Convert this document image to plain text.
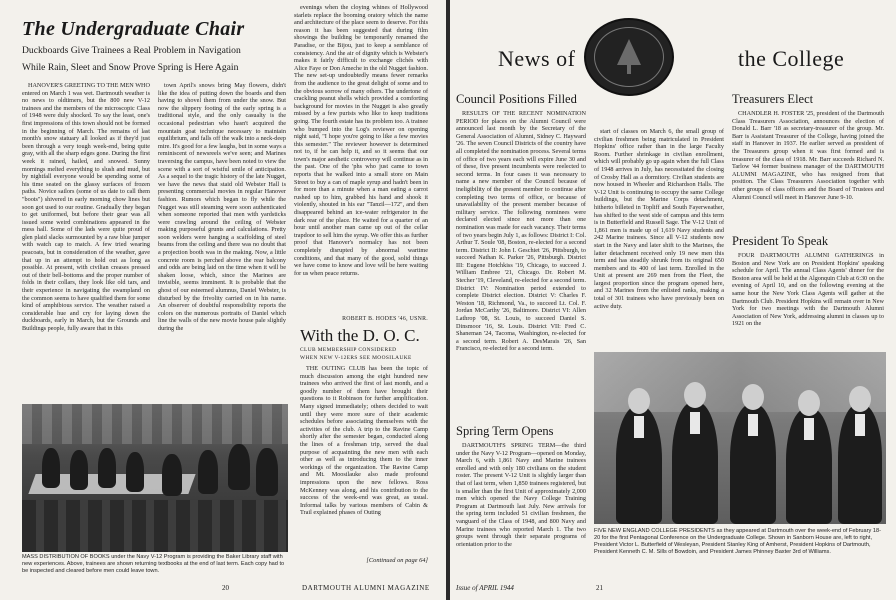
The Undergraduate Chair
Duckboards Give Trainees a Real Problem in Navigation
While Rain, Sleet and Snow Prove Spring is Here Again

HANOVER'S GREETING TO THE MEN WHO entered on March 1 was wet. Dartmouth weather is no news to oldtimers, but the 800 new V-12 trainees and the members of the microscopic Class of 1948 were duly shocked. To say the least, one's first impressions of this town should not be formed in the beginning of March. The remains of last month's snow statuary all looked as if they'd just been through a very tough week-end, being quite gray, with all the sharp edges gone. During the first week it rained, hailed, and snowed. Sunny mornings melted everything to slush and mud, but by nightfall everyone would be spending some of his time seated on the glassy surfaces of frozen paths. Novice sailors (some of us date to call them "boots") shivered in early morning chow lines but soon got used to our routine. Gradually they began to get uniformed, but before their gear was all issued some weird combinations appeared in the mess hall. Some of the lads were quite proud of glen plaid slacks surmounted by a raw blue jumper with watch cap to match. A few tried wearing peacoats, but in consideration of the weather, gave that up in an attempt to hold out as long as possible. At present, with civilian creases pressed out of their bell-bottoms and the proper number of folds in their collars, they look like old tars, and their experience in navigating the swampland on the common seems to have qualified them for some kind of amphibious service. The weather raised a considerable hue and cry for laying down the duckboards, early in March, but the Grounds and Buildings people, fully aware that in this

town April's snows bring May flowers, didn't like the idea of putting down the boards and then having to shovel them from under the snow. But now the slippery footing of the early spring is a traditional style, and the only casualty is the occasional pedestrian who hasn't acquired the mountain goat technique necessary to maintain equilibrium, and falls off the walk into a neck-deep mire. It's good for a few laughs, but in some ways a reminiscent of newsreels we've seen; and Marines traversing the campus, have been noted to view the scene with a sort of wistful smile of anticipation. As a sequel to the tragic history of the late Nugget, we have the news that staid old Webster Hall is presenting commercial movies in regular Hanover fashion. Rumors which began to fly while the Nugget was still steaming were soon authenticated when someone reported that men with yardsticks were crawling around the ceiling of Webster making purposeful grunts and calculations. Pretty soon welders were hanging a scaffolding of steel beams from the ceiling and there was no doubt that a projection booth was in the making. Now, a little concrete room is perched above the rear balcony and odds are being laid on the time when it will be shaken loose, which, since the Marines are invisible, seems imminent. It is probable that the ghost of our esteemed alumnus, Daniel Webster, is disturbed by the frivolity carried on in his name. An observer of doubtful responsibility reports the colors on the numerous portraits of Daniel which line the walls of the new movie house pale slightly during the

evenings when the cloying whines of Hollywood starlets replace the booming oratory which the name and architecture of the place seem to deserve. For this reason it has been suggested that during film showings the building be temporarily renamed the Paradise, or the Bijou, just to keep a semblance of consistency. And the air of dignity which is Webster's makes it fairly difficult to exchange clichés with Alice Faye or Don Ameche in the old Nugget fashion. The new set-up undoubtedly means fewer remarks from the audience to the great delight of some and to the obvious sorrow of many others. The undertone of crackling peanut shells which provided a comforting background for movies in the Nugget is also greatly missed by a few purists who like to keep traditions going. The fourth estate has its problem too. A trainee who bumped into the Log's reviewer on opening night said, "I hope you're going to like a few movies this semester." The reviewer however is determined not to, if he can help it, and so it seems that our town's major aesthetic controversy will continue as in the past. One of the 'phs who just came to town reports that he walked into a small store on Main Street to buy a can of maple syrup and hadn't been in for more than a minute when a man eating a carrot rushed up to him, grabbed his hand and shook it violently, shouted in his ear "Tanzil—172", and then disappeared behind an ice-water refrigerator in the dark rear of the place. He waited for a quarter of an hour until another man came up out of the cellar trapdoor to sell him the syrup. We offer this as further proof that Hanover's normalcy has not been completely disrupted by abnormal wartime conditions, and that many of the good, solid things we have come to know and love will be here waiting for us when peace returns.

ROBERT B. HODES '46, USNR.
With the D. O. C.
CLUB MEMBERSHIP CONSIDERED
WHEN NEW V-12ERS SEE MOOSILAUKE

THE OUTING CLUB has been the topic of much discussion among the eight hundred new trainees who arrived the first of last month, and a goodly number of them have brought their questions to it Robinson for further amplification. Many signed immediately; others decided to wait until they were more sure of their academic schedules before associating themselves with the activities of the club. A trip to the Ravine Camp shortly after the semester began, conducted along the lines of a freshman trip, served the dual purpose of acquainting the new men with each other as well as introducing them to the inner workings of the organization. The Ravine Camp and Mt. Moosilauke also made profound impressions upon the new fellows. Ross McKenney was along, and his contribution to the success of the week-end was great, as usual. Informal talks by various members of Cabin & Trail explained phases of Outing

[Continued on page 64]
MASS DISTRIBUTION OF BOOKS under the Navy V-12 Program is providing the Baker Library staff with new experiences. Above, trainees are shown returning textbooks at the end of last term. Each copy had to be inspected and cleared before men could leave town.
20	DARTMOUTH ALUMNI MAGAZINE
News of	the College
Council Positions Filled

RESULTS OF THE RECENT NOMINATION PERIOD for places on the Alumni Council were announced last month by the Secretary of the General Association of Alumni, Sidney C. Hayward '26. The seven Council Districts of the country have all completed the nomination process. Several terms of office of two years each will expire June 30 and of these, five present incumbents were reelected to second terms. In four cases it was necessary to name a new member of the Council because of ineligibility of the present member to continue after completing two terms of office, or because of unavailability of the present member because of military service. The following nominees were declared elected since not more than one nomination was made for each vacancy. Their terms of two years begin July 1, as follows: District I: Col. Arthur T. Soule '08, Boston, re-elected for a second term. District II: John I. Geschiet '26, Pittsburgh, to succeed Nathan K. Parker '26, Pittsburgh. District III: Eugene Hotchkiss '19, Chicago, to succeed J. William Embree '21, Chicago. Dr. Robert M. Stecher '19, Cleveland, re-elected for a second term. District IV: Nomination period extended to complete District election. District V: Charles F. Weston '18, Richmond, Va., to succeed Lt. Col. F. Jordan McCarthy '26, Baltimore. District VI: Allen Lathrop '08, St. Louis, to succeed Daniel S. Dinsmoor '16, St. Louis. District VII: Fred C. Shaneman '24, Tacoma, Washington, re-elected for a second term. Robert A. DesMarais '26, San Francisco, re-elected for a second term.

Spring Term Opens

DARTMOUTH'S SPRING TERM—the third under the Navy V-12 Program—opened on Monday, March 6, with 1,861 Navy and Marine trainees enrolled and with only 180 civilians on the student roster. The present V-12 Unit is slightly larger than that of last term, when 1,850 trainees registered, but is smaller than the first Unit of approximately 2,000 men which opened the Navy College Training Program at Dartmouth last July. New arrivals for the spring term included 51 civilian freshmen, the vanguard of the Class of 1948, and 800 Navy and Marine trainees who reported March 1. The two groups went through their separate programs of orientation prior to the

start of classes on March 6, the small group of civilian freshmen being matriculated in President Hopkins' office rather than in the large Faculty Room. Further shrinkage in civilian enrollment, which will probably go up again when the full Class of 1948 arrives in July, has necessitated the closing of Crosby Hall as a dormitory. Civilian students are now housed in Wheeler and Richardson Halls. The V-12 Unit is continuing to occupy the same College buildings, but the Marine Corps detachment, hitherto billeted in Topliff and South Fayerweather, has shifted to the west side of campus and this term is in Butterfield and Russell Sage. The V-12 Unit of 1,861 men is made up of 1,619 Navy students and 242 Marine trainees. Since all V-12 students now start in the Navy and later shift to the Marines, the latter detachment received only 19 new men this term and has steadily shrunk from its original 650 members and its 400 of last term. Enrolled in the Unit at present are 269 men from the Fleet, the largest proportion since the program opened here, and 32 Marines from the enlisted ranks, making a total of 301 trainees who have previously been on active duty.

Treasurers Elect

CHANDLER H. FOSTER '25, president of the Dartmouth Class Treasurers Association, announces the election of Donald L. Barr '18 as secretary-treasurer of the group. Mr. Barr is Assistant Treasurer of the College, having joined the staff in Hanover in 1937. He earlier served as president of the Treasurers group when it was first formed and is treasurer of the class of 1918. Mr. Barr succeeds Richard N. Tarlow '44 former business manager of the DARTMOUTH ALUMNI MAGAZINE, who has resigned from that position. The Class Treasurers Association together with other groups of class officers and the Board of Trustees and Alumni Council will meet in Hanover June 9-10.

President To Speak

FOUR DARTMOUTH ALUMNI GATHERINGS in Boston and New York are on President Hopkins' speaking schedule for April. The annual Class Agents' dinner for the Boston area will be held at the Algonquin Club at 6:30 on the evening of April 10, and on the following evening at the same hour the New York Class Agents will gather at the Dartmouth Club. President Hopkins will remain over in New York for two meetings with the Dartmouth Alumni Association of New York, addressing alumni in classes up to 1921 on the

FIVE NEW ENGLAND COLLEGE PRESIDENTS as they appeared at Dartmouth over the week-end of February 18-20 for the first Pentagonal Conference on the Undergraduate College. Shown in Sanborn House are, left to right, President Victor L. Butterfield of Wesleyan, President Stanley King of Amherst, President Hopkins of Dartmouth, President Kenneth C. M. Sills of Bowdoin, and President James Phinney Baxter 3rd of Williams.
Issue of APRIL 1944	21
